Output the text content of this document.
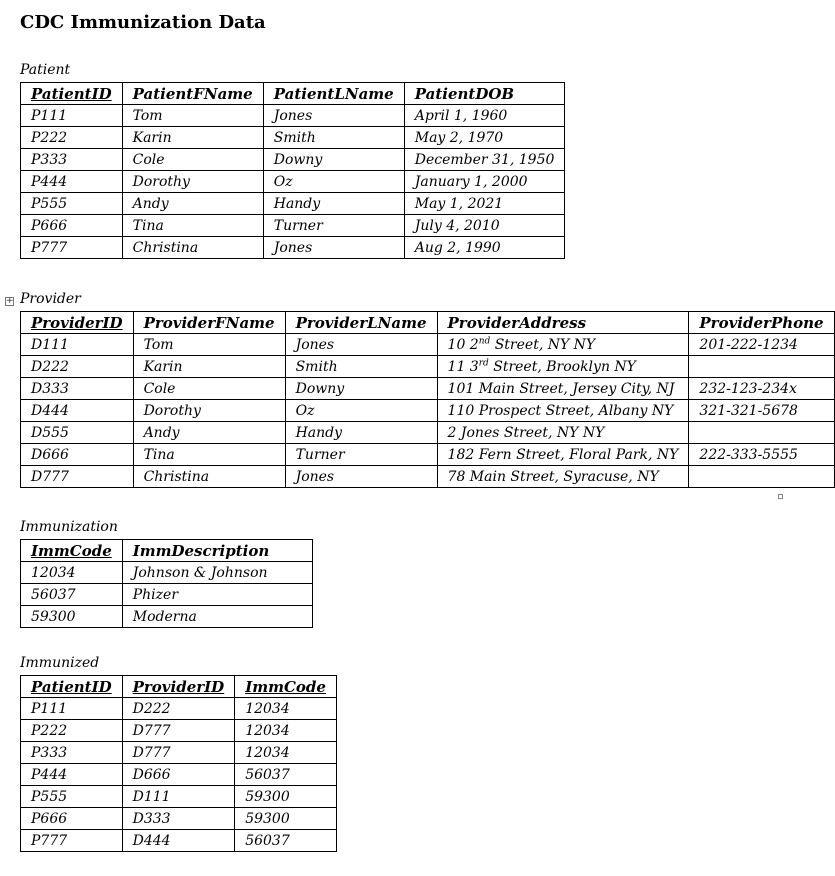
CDC Immunization Data
Patient
PatientID	PatientFName	PatientLName	PatientDOB
P111	Tom	Jones	April 1, 1960
P222	Karin	Smith	May 2, 1970
P333	Cole	Downy	December 31, 1950
P444	Dorothy	Oz	January 1, 2000
P555	Andy	Handy	May 1, 2021
P666	Tina	Turner	July 4, 2010
P777	Christina	Jones	Aug 2, 1990
+ Provider
ProviderID	ProviderFName	ProviderLName	ProviderAddress	ProviderPhone
D111	Tom	Jones	10 2nd Street, NY NY	201-222-1234
D222	Karin	Smith	11 3rd Street, Brooklyn NY	
D333	Cole	Downy	101 Main Street, Jersey City, NJ	232-123-234x
D444	Dorothy	Oz	110 Prospect Street, Albany NY	321-321-5678
D555	Andy	Handy	2 Jones Street, NY NY	
D666	Tina	Turner	182 Fern Street, Floral Park, NY	222-333-5555
D777	Christina	Jones	78 Main Street, Syracuse, NY	
Immunization
ImmCode	ImmDescription
12034	Johnson & Johnson
56037	Phizer
59300	Moderna
Immunized
PatientID	ProviderID	ImmCode
P111	D222	12034
P222	D777	12034
P333	D777	12034
P444	D666	56037
P555	D111	59300
P666	D333	59300
P777	D444	56037
